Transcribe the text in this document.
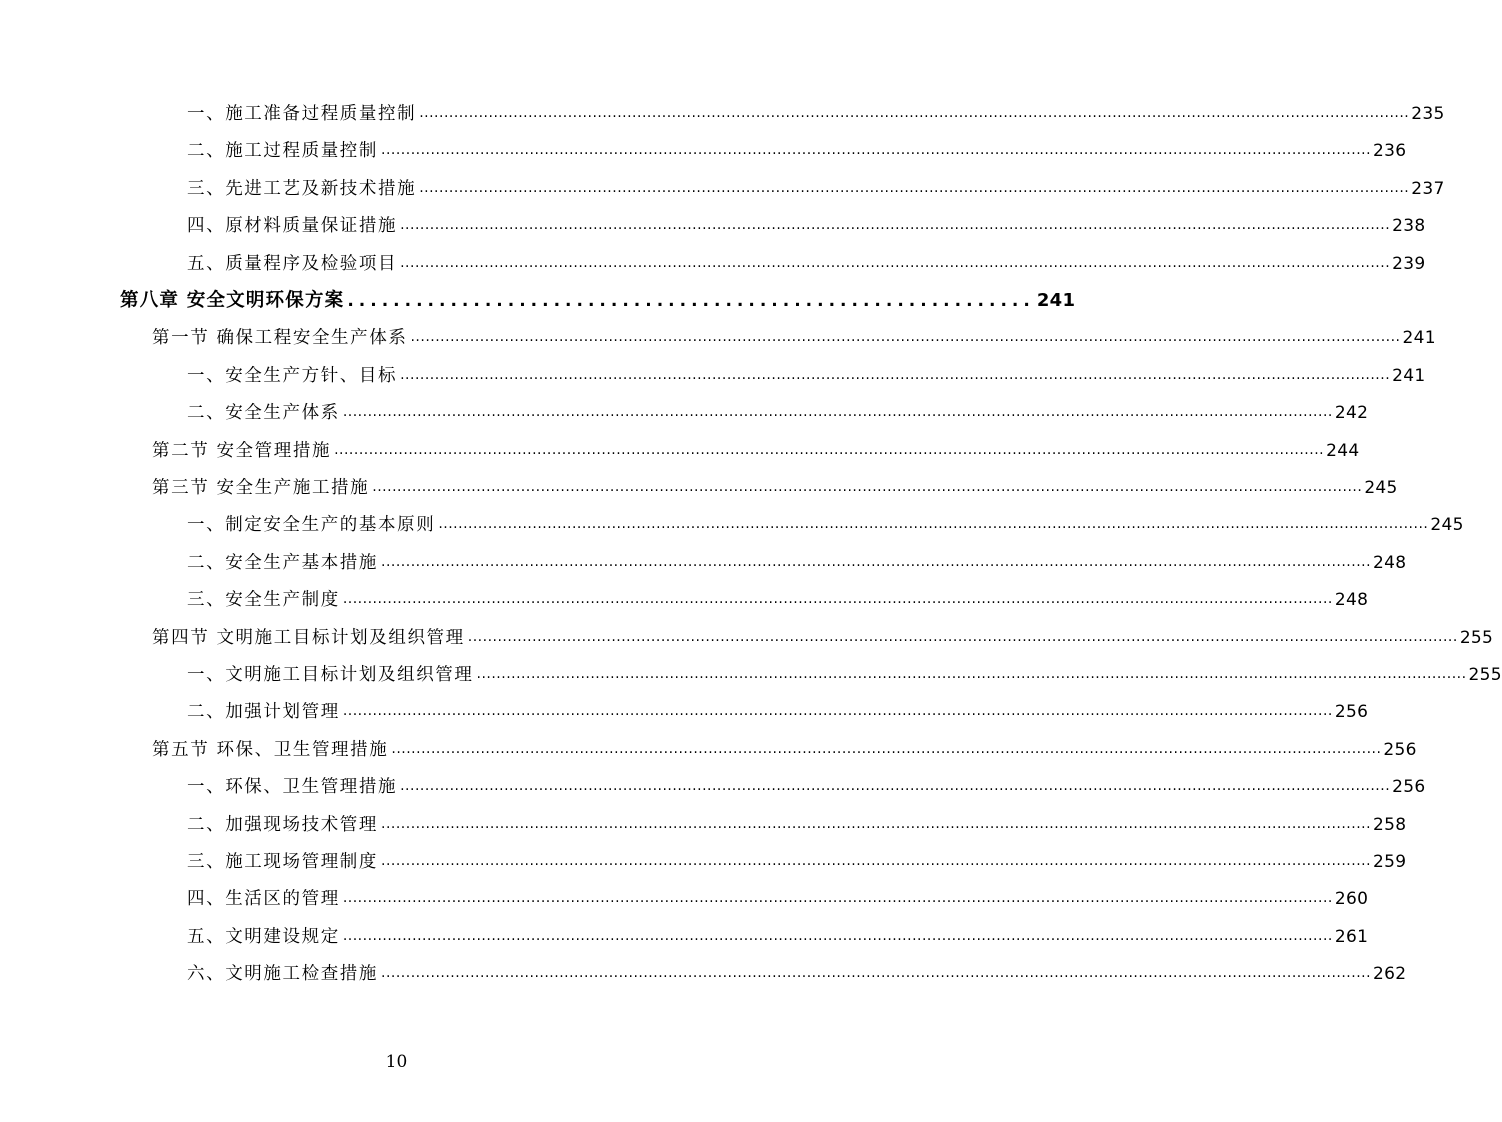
一、施工准备过程质量控制 ........................................................................................................................................................................................................ 235
二、施工过程质量控制 ........................................................................................................................................................................................................ 236
三、先进工艺及新技术措施 ........................................................................................................................................................................................................ 237
四、原材料质量保证措施 ........................................................................................................................................................................................................ 238
五、质量程序及检验项目 ........................................................................................................................................................................................................ 239
第八章 安全文明环保方案 ............................................................ 241
第一节 确保工程安全生产体系 ........................................................................................................................................................................................................ 241
一、安全生产方针、目标 ........................................................................................................................................................................................................ 241
二、安全生产体系 ........................................................................................................................................................................................................ 242
第二节 安全管理措施 ........................................................................................................................................................................................................ 244
第三节 安全生产施工措施 ........................................................................................................................................................................................................ 245
一、制定安全生产的基本原则 ........................................................................................................................................................................................................ 245
二、安全生产基本措施 ........................................................................................................................................................................................................ 248
三、安全生产制度 ........................................................................................................................................................................................................ 248
第四节 文明施工目标计划及组织管理 ........................................................................................................................................................................................................ 255
一、文明施工目标计划及组织管理 ........................................................................................................................................................................................................ 255
二、加强计划管理 ........................................................................................................................................................................................................ 256
第五节 环保、卫生管理措施 ........................................................................................................................................................................................................ 256
一、环保、卫生管理措施 ........................................................................................................................................................................................................ 256
二、加强现场技术管理 ........................................................................................................................................................................................................ 258
三、施工现场管理制度 ........................................................................................................................................................................................................ 259
四、生活区的管理 ........................................................................................................................................................................................................ 260
五、文明建设规定 ........................................................................................................................................................................................................ 261
六、文明施工检查措施 ........................................................................................................................................................................................................ 262
10
